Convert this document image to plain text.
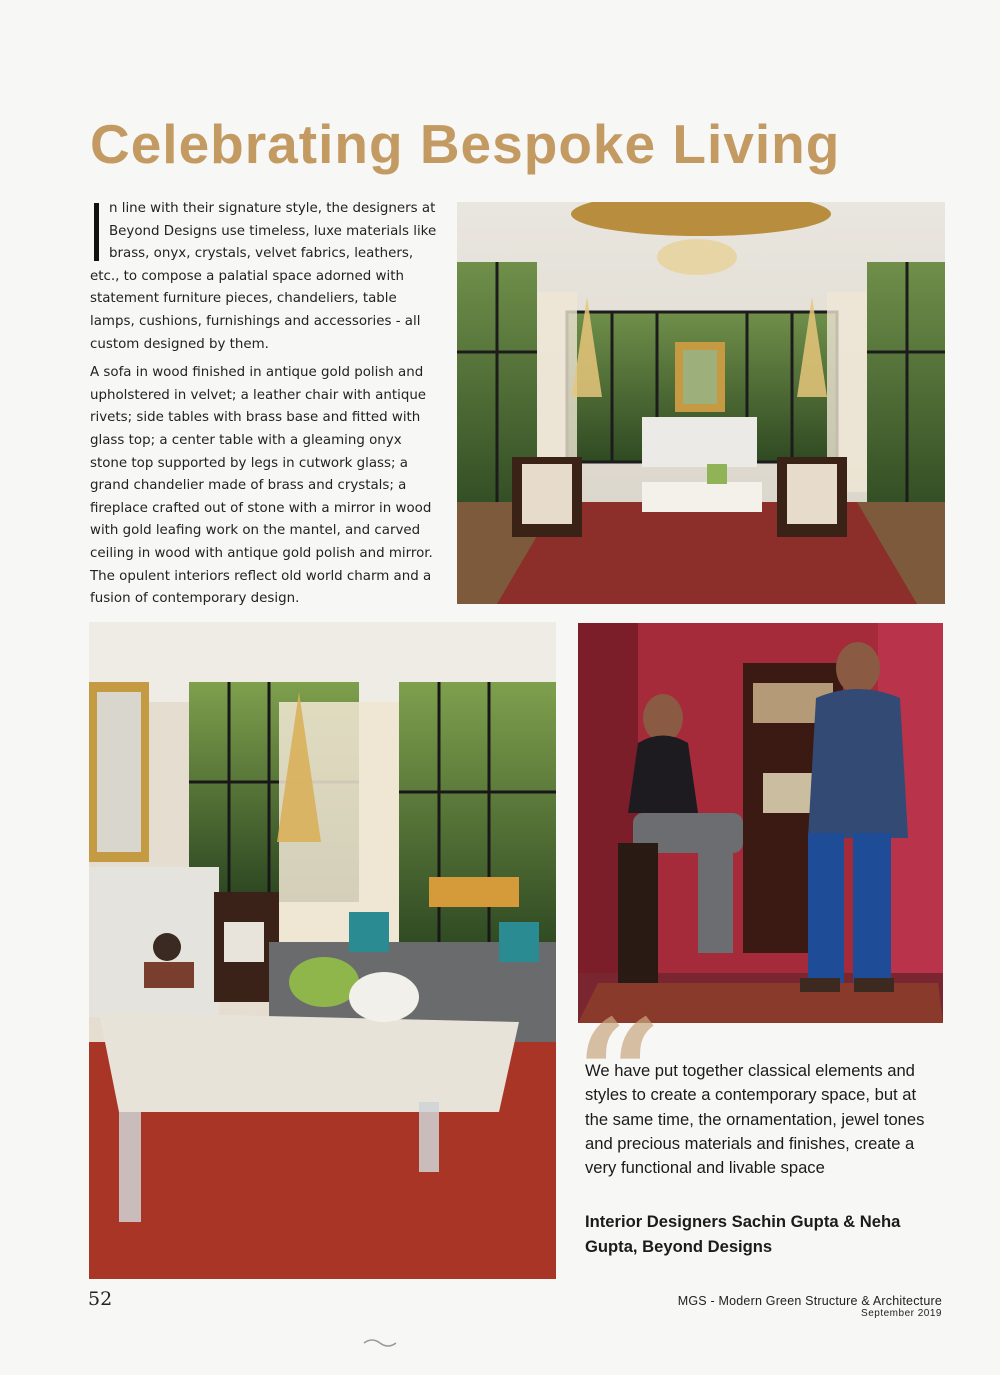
Celebrating Bespoke Living

n line with their signature style, the designers at Beyond Designs use timeless, luxe materials like brass, onyx, crystals, velvet fabrics, leathers, etc., to compose a palatial space adorned with statement furniture pieces, chandeliers, table lamps, cushions, furnishings and accessories - all custom designed by them.

A sofa in wood finished in antique gold polish and upholstered in velvet; a leather chair with antique rivets; side tables with brass base and fitted with glass top; a center table with a gleaming onyx stone top supported by legs in cutwork glass; a grand chandelier made of brass and crystals; a fireplace crafted out of stone with a mirror in wood with gold leafing work on the mantel, and carved ceiling in wood with antique gold polish and mirror. The opulent interiors reflect old world charm and a fusion of contemporary design.

“

We have put together classical elements and styles to create a contemporary space, but at the same time, the ornamentation, jewel tones and precious materials and finishes, create a very functional and livable space

Interior Designers Sachin Gupta & Neha Gupta, Beyond Designs

52	MGS - Modern Green Structure & Architecture
September 2019
